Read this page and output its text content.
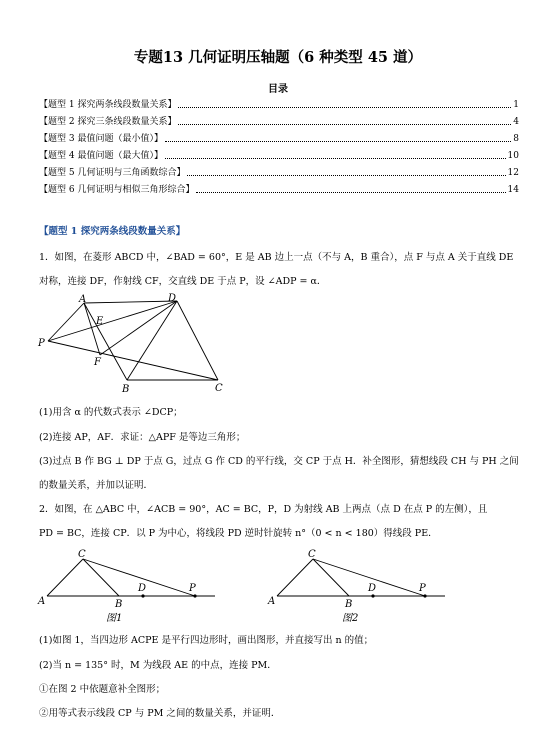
专题13 几何证明压轴题（6 种类型 45 道）
目录
【题型 1 探究两条线段数量关系】	1
【题型 2 探究三条线段数量关系】	4
【题型 3 最值问题（最小值）】	8
【题型 4 最值问题（最大值）】	10
【题型 5 几何证明与三角函数综合】	12
【题型 6 几何证明与相似三角形综合】	14
【题型 1 探究两条线段数量关系】
1．如图，在菱形 ABCD 中，∠BAD = 60°，E 是 AB 边上一点（不与 A，B 重合），点 F 与点 A 关于直线 DE
对称，连接 DF，作射线 CF，交直线 DE 于点 P，设 ∠ADP = α．
A	D
E
P
F
B	C
(1)用含 α 的代数式表示 ∠DCP；
(2)连接 AP，AF．求证：△APF 是等边三角形；
(3)过点 B 作 BG ⊥ DP 于点 G，过点 G 作 CD 的平行线，交 CP 于点 H．补全图形，猜想线段 CH 与 PH 之间
的数量关系，并加以证明．
2．如图，在 △ABC 中，∠ACB = 90°，AC = BC，P，D 为射线 AB 上两点（点 D 在点 P 的左侧），且
PD = BC，连接 CP．以 P 为中心，将线段 PD 逆时针旋转 n°（0 < n < 180）得线段 PE．
C
D	P
A	B
图1
C
D	P
A	B
图2
(1)如图 1，当四边形 ACPE 是平行四边形时，画出图形，并直接写出 n 的值；
(2)当 n = 135° 时，M 为线段 AE 的中点，连接 PM．
①在图 2 中依题意补全图形；
②用等式表示线段 CP 与 PM 之间的数量关系，并证明．
